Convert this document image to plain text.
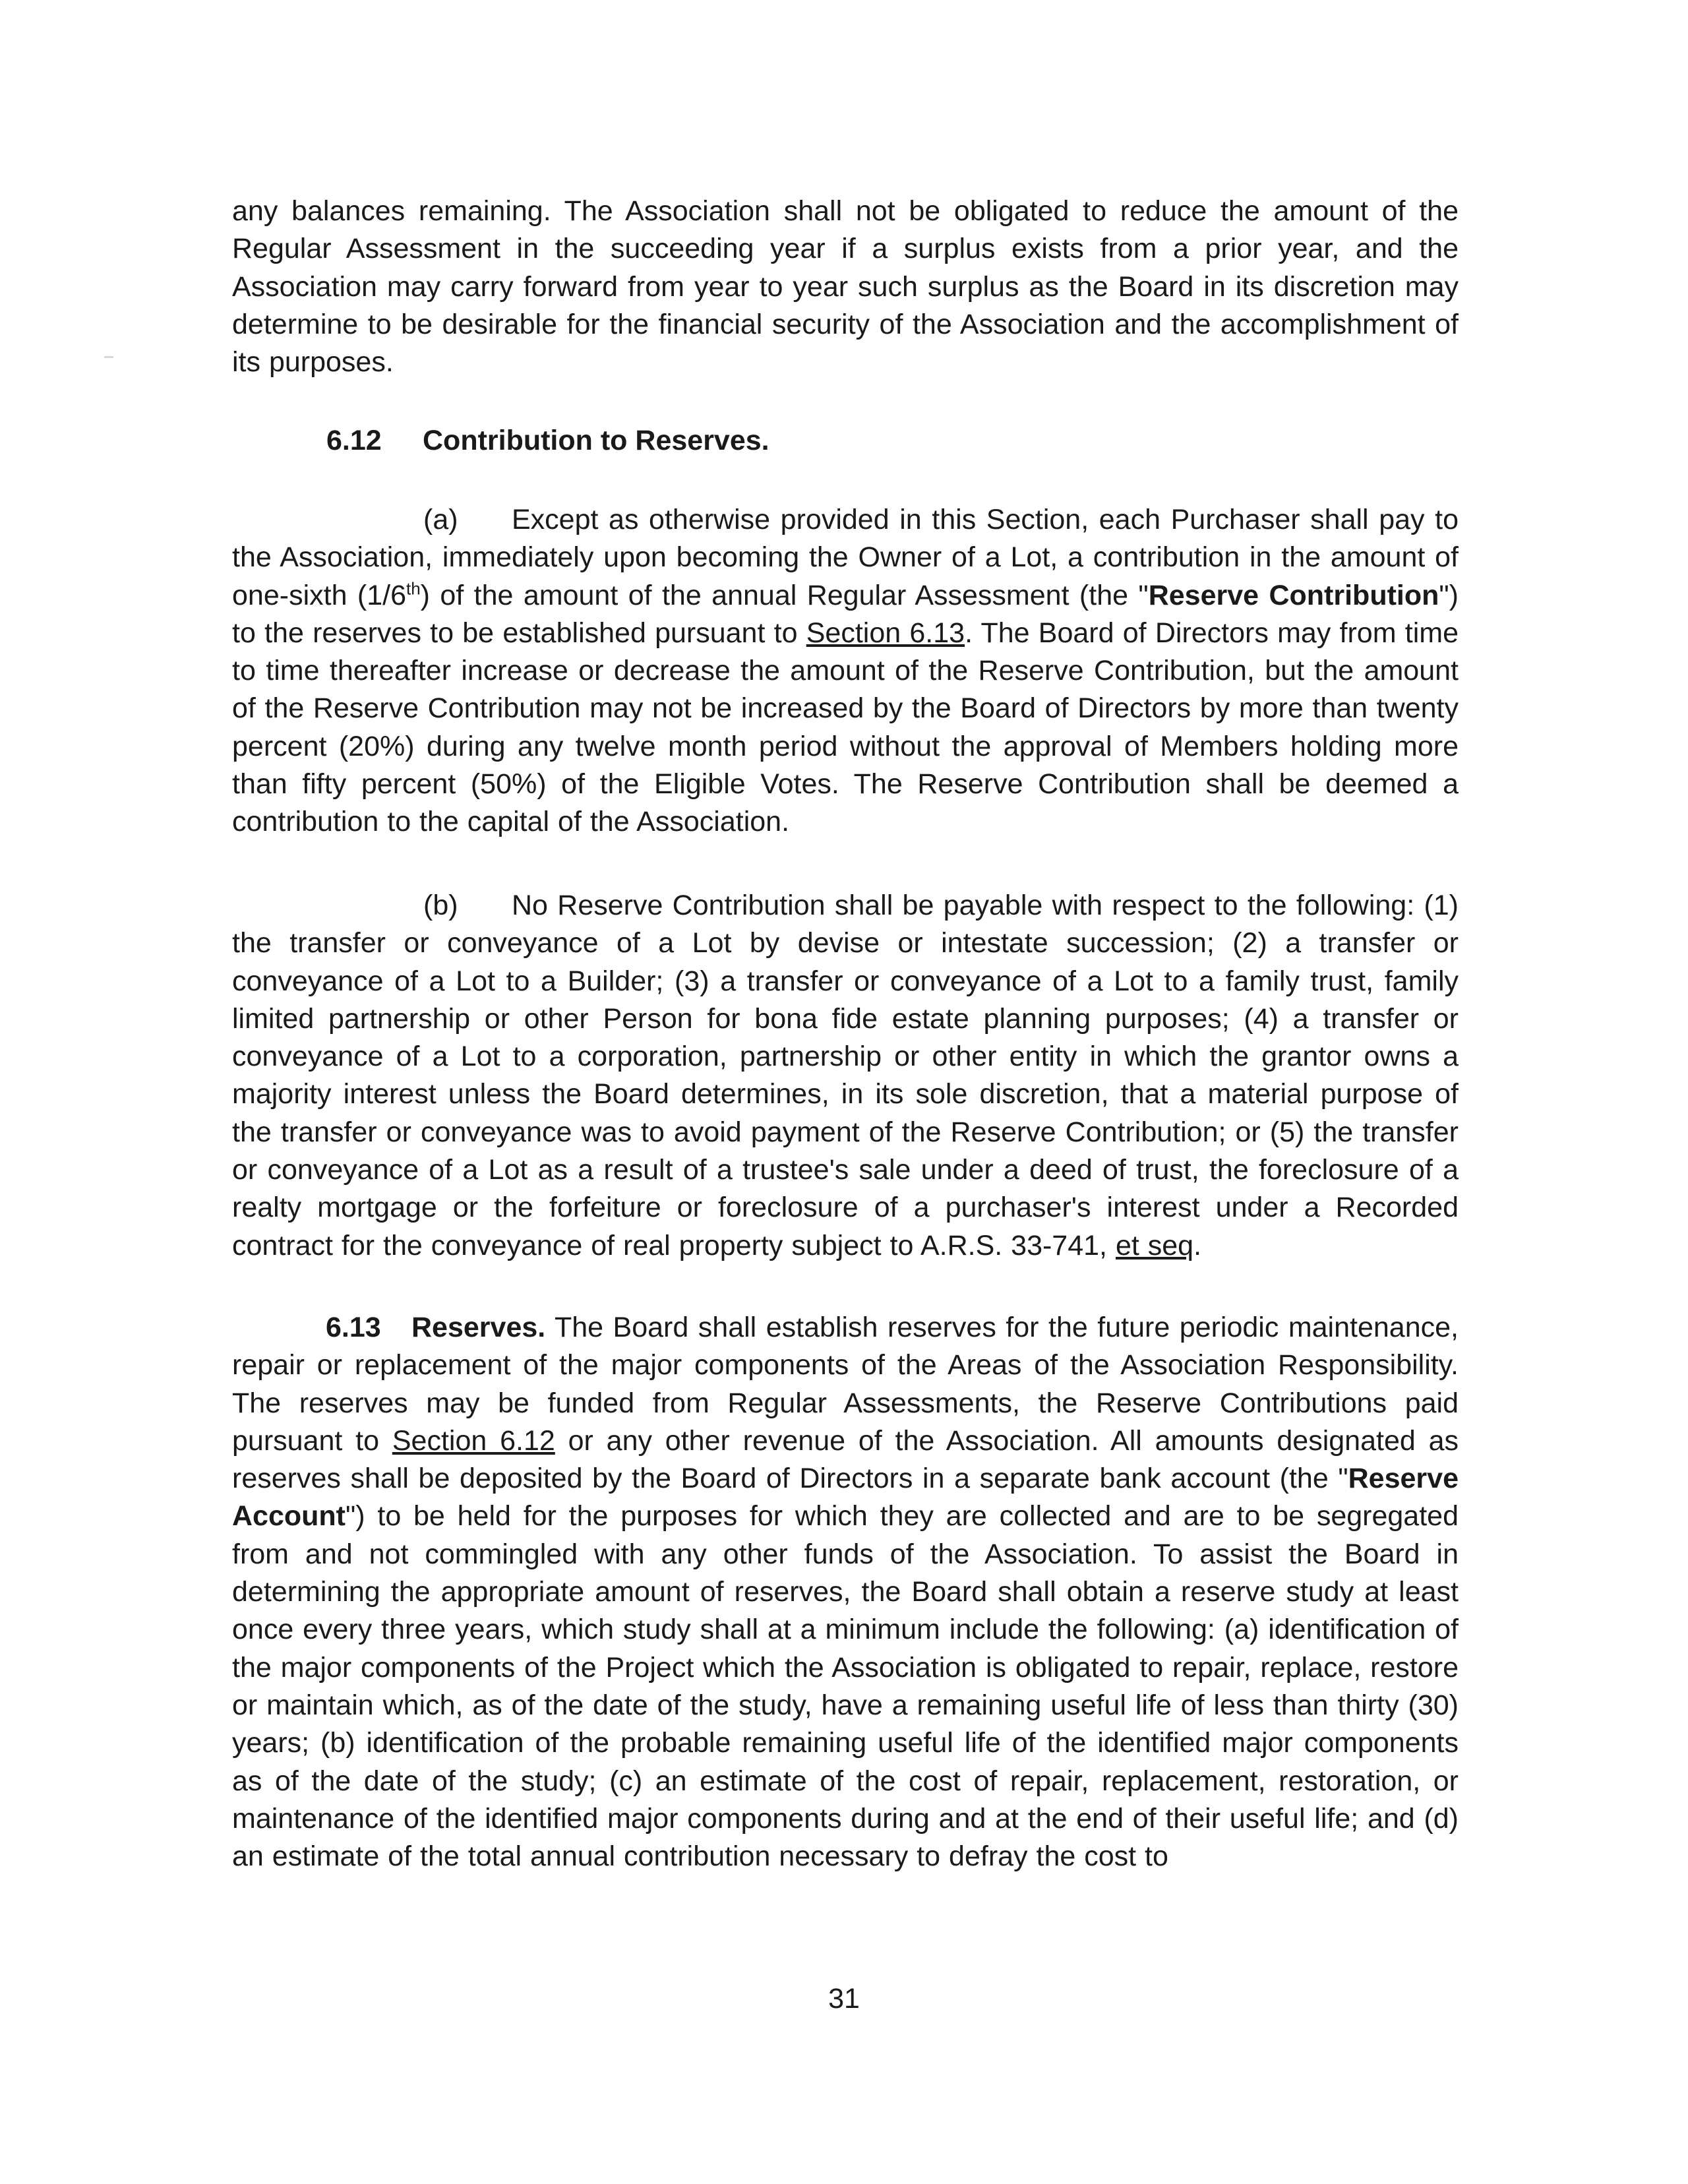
any balances remaining. The Association shall not be obligated to reduce the amount of the Regular Assessment in the succeeding year if a surplus exists from a prior year, and the Association may carry forward from year to year such surplus as the Board in its discretion may determine to be desirable for the financial security of the Association and the accomplishment of its purposes.

6.12 Contribution to Reserves.

(a) Except as otherwise provided in this Section, each Purchaser shall pay to the Association, immediately upon becoming the Owner of a Lot, a contribution in the amount of one-sixth (1/6th) of the amount of the annual Regular Assessment (the "Reserve Contribution") to the reserves to be established pursuant to Section 6.13. The Board of Directors may from time to time thereafter increase or decrease the amount of the Reserve Contribution, but the amount of the Reserve Contribution may not be increased by the Board of Directors by more than twenty percent (20%) during any twelve month period without the approval of Members holding more than fifty percent (50%) of the Eligible Votes. The Reserve Contribution shall be deemed a contribution to the capital of the Association.

(b) No Reserve Contribution shall be payable with respect to the following: (1) the transfer or conveyance of a Lot by devise or intestate succession; (2) a transfer or conveyance of a Lot to a Builder; (3) a transfer or conveyance of a Lot to a family trust, family limited partnership or other Person for bona fide estate planning purposes; (4) a transfer or conveyance of a Lot to a corporation, partnership or other entity in which the grantor owns a majority interest unless the Board determines, in its sole discretion, that a material purpose of the transfer or conveyance was to avoid payment of the Reserve Contribution; or (5) the transfer or conveyance of a Lot as a result of a trustee's sale under a deed of trust, the foreclosure of a realty mortgage or the forfeiture or foreclosure of a purchaser's interest under a Recorded contract for the conveyance of real property subject to A.R.S. 33-741, et seq.

6.13 Reserves. The Board shall establish reserves for the future periodic maintenance, repair or replacement of the major components of the Areas of the Association Responsibility. The reserves may be funded from Regular Assessments, the Reserve Contributions paid pursuant to Section 6.12 or any other revenue of the Association. All amounts designated as reserves shall be deposited by the Board of Directors in a separate bank account (the "Reserve Account") to be held for the purposes for which they are collected and are to be segregated from and not commingled with any other funds of the Association. To assist the Board in determining the appropriate amount of reserves, the Board shall obtain a reserve study at least once every three years, which study shall at a minimum include the following: (a) identification of the major components of the Project which the Association is obligated to repair, replace, restore or maintain which, as of the date of the study, have a remaining useful life of less than thirty (30) years; (b) identification of the probable remaining useful life of the identified major components as of the date of the study; (c) an estimate of the cost of repair, replacement, restoration, or maintenance of the identified major components during and at the end of their useful life; and (d) an estimate of the total annual contribution necessary to defray the cost to

31
